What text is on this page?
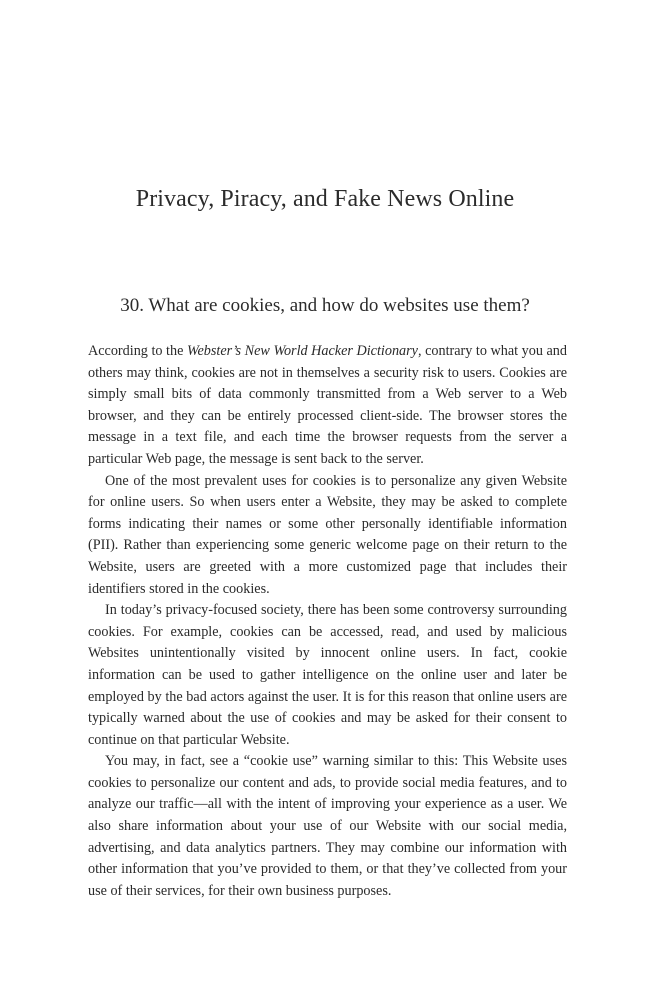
Privacy, Piracy, and Fake News Online
30. What are cookies, and how do websites use them?

According to the Webster’s New World Hacker Dictionary, contrary to what you and others may think, cookies are not in themselves a security risk to users. Cookies are simply small bits of data commonly transmitted from a Web server to a Web browser, and they can be entirely processed client-side. The browser stores the message in a text file, and each time the browser requests from the server a particular Web page, the message is sent back to the server.

One of the most prevalent uses for cookies is to personalize any given Website for online users. So when users enter a Website, they may be asked to complete forms indicating their names or some other personally identifiable information (PII). Rather than experiencing some generic welcome page on their return to the Website, users are greeted with a more customized page that includes their identifiers stored in the cookies.

In today’s privacy-focused society, there has been some controversy surrounding cookies. For example, cookies can be accessed, read, and used by malicious Websites unintentionally visited by innocent online users. In fact, cookie information can be used to gather intelligence on the online user and later be employed by the bad actors against the user. It is for this reason that online users are typically warned about the use of cookies and may be asked for their consent to continue on that particular Website.

You may, in fact, see a “cookie use” warning similar to this: This Website uses cookies to personalize our content and ads, to provide social media features, and to analyze our traffic—all with the intent of improving your experience as a user. We also share information about your use of our Website with our social media, advertising, and data analytics partners. They may combine our information with other information that you’ve provided to them, or that they’ve collected from your use of their services, for their own business purposes.
